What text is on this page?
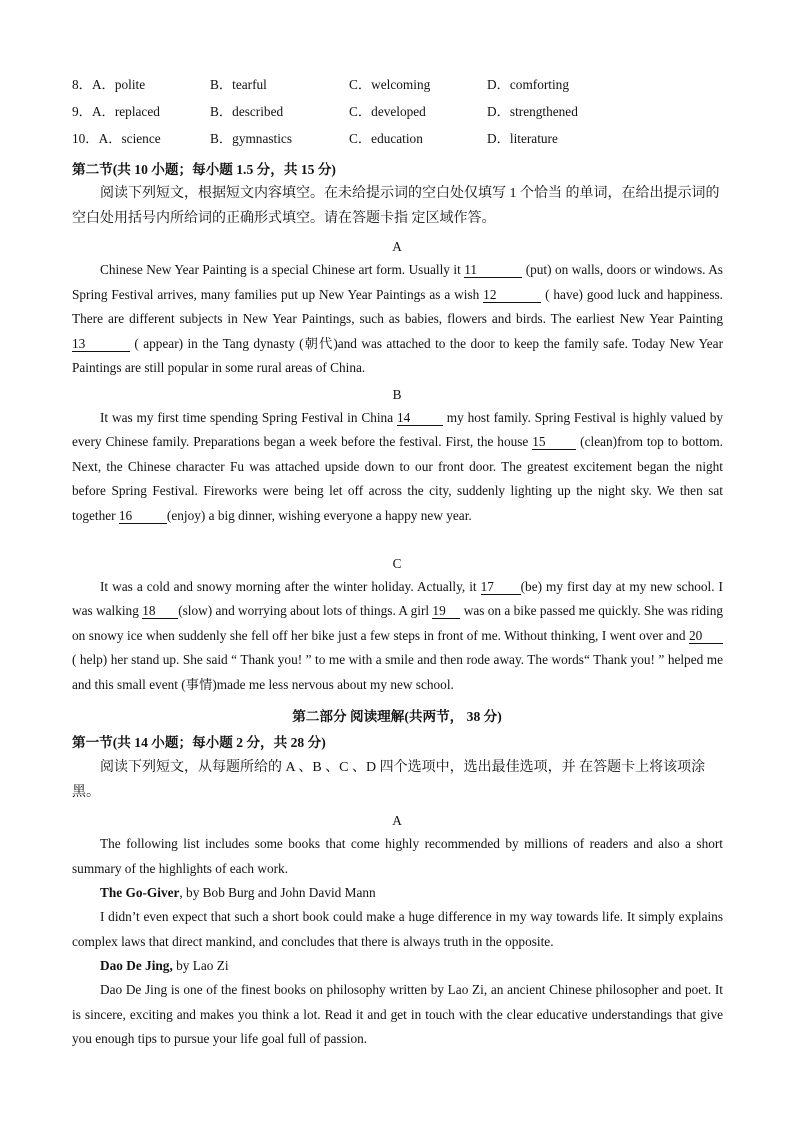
8．A．polite	B．tearful	C．welcoming	D．comforting
9．A．replaced	B．described	C．developed	D．strengthened
10．A．science	B．gymnastics	C．education	D．literature
第二节(共 10 小题；每小题 1.5 分，共 15 分)
阅读下列短文，根据短文内容填空。在未给提示词的空白处仅填写 1 个恰当 的单词，在给出提示词的空白处用括号内所给词的正确形式填空。请在答题卡指 定区域作答。
A
Chinese New Year Painting is a special Chinese art form. Usually it 11	(put) on walls, doors or windows. As Spring Festival arrives, many families put up New Year Paintings as a wish 12	( have) good luck and happiness. There are different subjects in New Year Paintings, such as babies, flowers and birds. The earliest New Year Painting 13	( appear) in the Tang dynasty (朝代)and was attached to the door to keep the family safe. Today New Year Paintings are still popular in some rural areas of China.
B
It was my first time spending Spring Festival in China 14 my host family. Spring Festival is highly valued by every Chinese family. Preparations began a week before the festival. First, the house 15 (clean)from top to bottom. Next, the Chinese character Fu was attached upside down to our front door. The greatest excitement began the night before Spring Festival. Fireworks were being let off across the city, suddenly lighting up the night sky. We then sat together 16	(enjoy) a big dinner, wishing everyone a happy new year.
C
It was a cold and snowy morning after the winter holiday. Actually, it 17 (be) my first day at my new school. I was walking 18 (slow) and worrying about lots of things. A girl 19 was on a bike passed me quickly. She was riding on snowy ice when suddenly she fell off her bike just a few steps in front of me. Without thinking, I went over and 20( help) her stand up. She said “ Thank you! ” to me with a smile and then rode away. The words“ Thank you! ” helped me and this small event (事情)made me less nervous about my new school.
第二部分 阅读理解(共两节， 38 分)
第一节(共 14 小题；每小题 2 分，共 28 分)
阅读下列短文，从每题所给的 A 、B 、C 、D 四个选项中，选出最佳选项，并 在答题卡上将该项涂黑。
A
The following list includes some books that come highly recommended by millions of readers and also a short summary of the highlights of each work.
The Go-Giver, by Bob Burg and John David Mann
I didn’t even expect that such a short book could make a huge difference in my way towards life. It simply explains complex laws that direct mankind, and concludes that there is always truth in the opposite.
Dao De Jing, by Lao Zi
Dao De Jing is one of the finest books on philosophy written by Lao Zi, an ancient Chinese philosopher and poet. It is sincere, exciting and makes you think a lot. Read it and get in touch with the clear educative understandings that give you enough tips to pursue your life goal full of passion.
